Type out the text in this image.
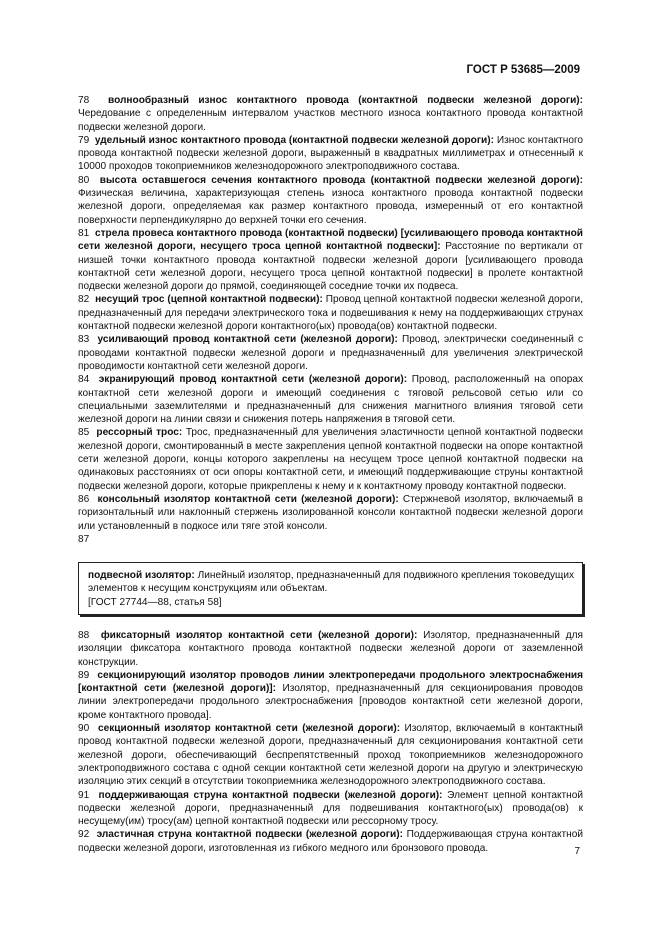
ГОСТ Р 53685—2009

78 волнообразный износ контактного провода (контактной подвески железной дороги): Чередование с определенным интервалом участков местного износа контактного провода контактной подвески железной дороги.

79 удельный износ контактного провода (контактной подвески железной дороги): Износ контактного провода контактной подвески железной дороги, выраженный в квадратных миллиметрах и отнесенный к 10000 проходов токоприемников железнодорожного электроподвижного состава.

80 высота оставшегося сечения контактного провода (контактной подвески железной дороги): Физическая величина, характеризующая степень износа контактного провода контактной подвески железной дороги, определяемая как размер контактного провода, измеренный от его контактной поверхности перпендикулярно до верхней точки его сечения.

81 стрела провеса контактного провода (контактной подвески) [усиливающего провода контактной сети железной дороги, несущего троса цепной контактной подвески]: Расстояние по вертикали от низшей точки контактного провода контактной подвески железной дороги [усиливающего провода контактной сети железной дороги, несущего троса цепной контактной подвески] в пролете контактной подвески железной дороги до прямой, соединяющей соседние точки их подвеса.

82 несущий трос (цепной контактной подвески): Провод цепной контактной подвески железной дороги, предназначенный для передачи электрического тока и подвешивания к нему на поддерживающих струнах контактной подвески железной дороги контактного(ых) провода(ов) контактной подвески.

83 усиливающий провод контактной сети (железной дороги): Провод, электрически соединенный с проводами контактной подвески железной дороги и предназначенный для увеличения электрической проводимости контактной сети железной дороги.

84 экранирующий провод контактной сети (железной дороги): Провод, расположенный на опорах контактной сети железной дороги и имеющий соединения с тяговой рельсовой сетью или со специальными заземлителями и предназначенный для снижения магнитного влияния тяговой сети железной дороги на линии связи и снижения потерь напряжения в тяговой сети.

85 рессорный трос: Трос, предназначенный для увеличения эластичности цепной контактной подвески железной дороги, смонтированный в месте закрепления цепной контактной подвески на опоре контактной сети железной дороги, концы которого закреплены на несущем тросе цепной контактной подвески на одинаковых расстояниях от оси опоры контактной сети, и имеющий поддерживающие струны контактной подвески железной дороги, которые прикреплены к нему и к контактному проводу контактной подвески.

86 консольный изолятор контактной сети (железной дороги): Стержневой изолятор, включаемый в горизонтальный или наклонный стержень изолированной консоли контактной подвески железной дороги или установленный в подкосе или тяге этой консоли.

87

подвесной изолятор: Линейный изолятор, предназначенный для подвижного крепления токоведущих элементов к несущим конструкциям или объектам.
[ГОСТ 27744—88, статья 58]

88 фиксаторный изолятор контактной сети (железной дороги): Изолятор, предназначенный для изоляции фиксатора контактного провода контактной подвески железной дороги от заземленной конструкции.

89 секционирующий изолятор проводов линии электропередачи продольного электроснабжения [контактной сети (железной дороги)]: Изолятор, предназначенный для секционирования проводов линии электропередачи продольного электроснабжения [проводов контактной сети железной дороги, кроме контактного провода].

90 секционный изолятор контактной сети (железной дороги): Изолятор, включаемый в контактный провод контактной подвески железной дороги, предназначенный для секционирования контактной сети железной дороги, обеспечивающий беспрепятственный проход токоприемников железнодорожного электроподвижного состава с одной секции контактной сети железной дороги на другую и электрическую изоляцию этих секций в отсутствии токоприемника железнодорожного электроподвижного состава.

91 поддерживающая струна контактной подвески (железной дороги): Элемент цепной контактной подвески железной дороги, предназначенный для подвешивания контактного(ых) провода(ов) к несущему(им) тросу(ам) цепной контактной подвески или рессорному тросу.

92 эластичная струна контактной подвески (железной дороги): Поддерживающая струна контактной подвески железной дороги, изготовленная из гибкого медного или бронзового провода.	7
